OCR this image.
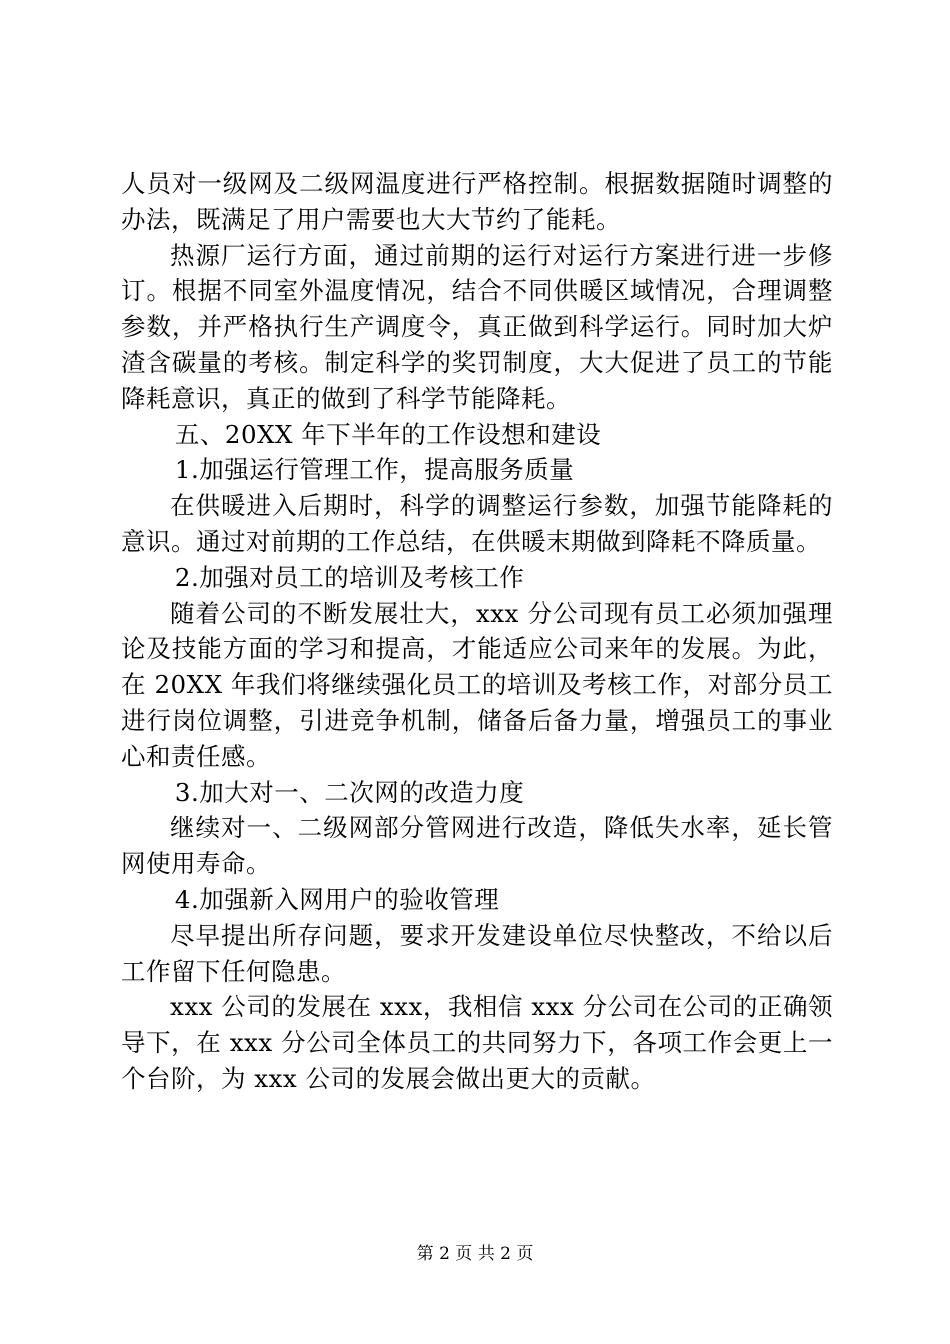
人员对一级网及二级网温度进行严格控制。根据数据随时调整的办法，既满足了用户需要也大大节约了能耗。

热源厂运行方面，通过前期的运行对运行方案进行进一步修订。根据不同室外温度情况，结合不同供暖区域情况，合理调整参数，并严格执行生产调度令，真正做到科学运行。同时加大炉渣含碳量的考核。制定科学的奖罚制度，大大促进了员工的节能降耗意识，真正的做到了科学节能降耗。

五、20XX 年下半年的工作设想和建设

1.加强运行管理工作，提高服务质量

在供暖进入后期时，科学的调整运行参数，加强节能降耗的意识。通过对前期的工作总结，在供暖末期做到降耗不降质量。

2.加强对员工的培训及考核工作

随着公司的不断发展壮大，xxx 分公司现有员工必须加强理论及技能方面的学习和提高，才能适应公司来年的发展。为此，在 20XX 年我们将继续强化员工的培训及考核工作，对部分员工进行岗位调整，引进竞争机制，储备后备力量，增强员工的事业心和责任感。

3.加大对一、二次网的改造力度

继续对一、二级网部分管网进行改造，降低失水率，延长管网使用寿命。

4.加强新入网用户的验收管理

尽早提出所存问题，要求开发建设单位尽快整改，不给以后工作留下任何隐患。

xxx 公司的发展在 xxx，我相信 xxx 分公司在公司的正确领导下，在 xxx 分公司全体员工的共同努力下，各项工作会更上一个台阶，为 xxx 公司的发展会做出更大的贡献。

第 2 页 共 2 页
